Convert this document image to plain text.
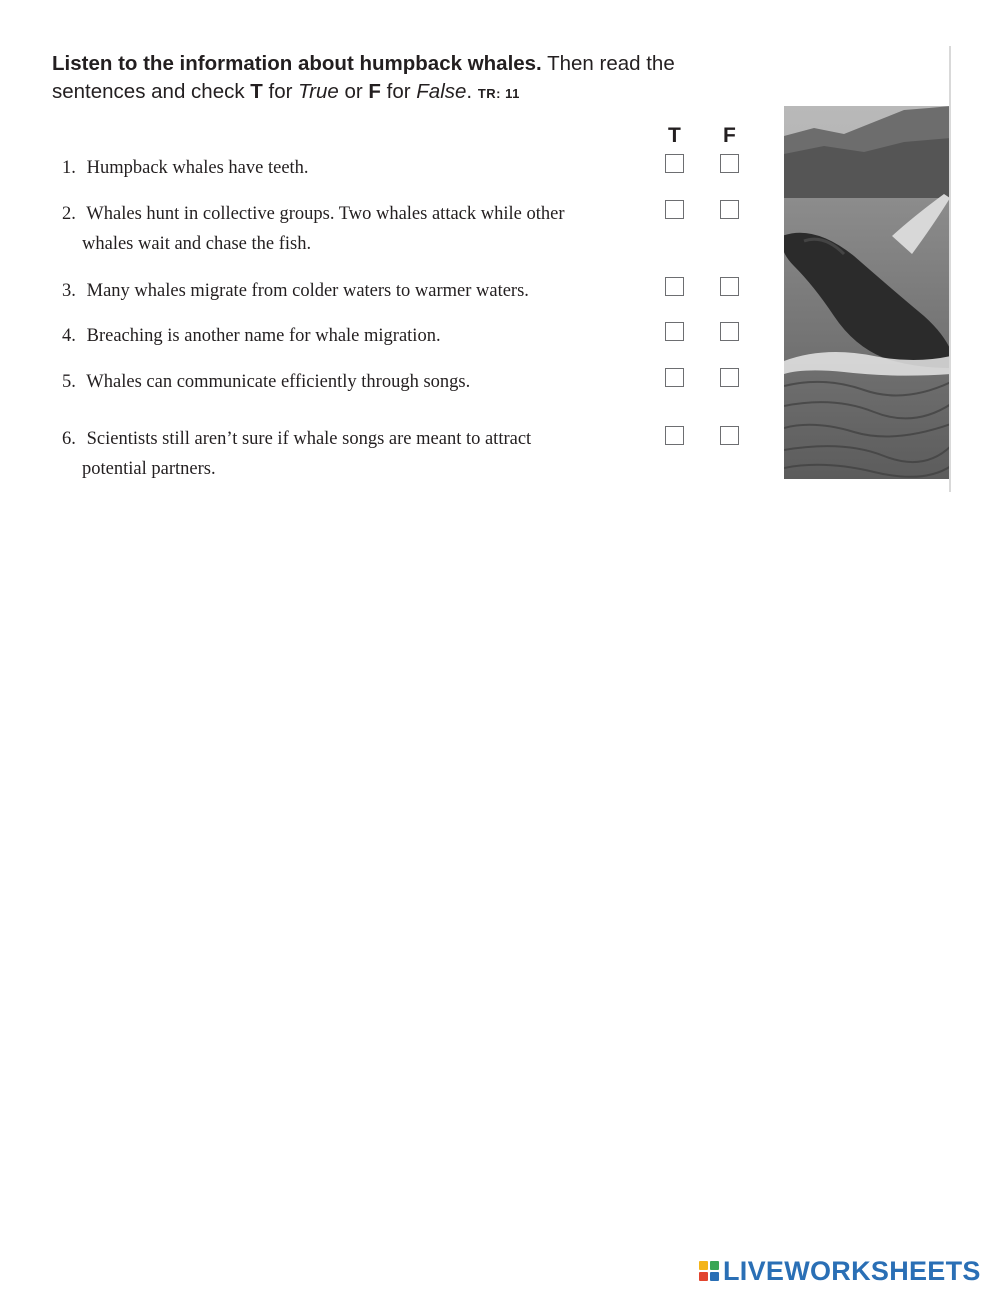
Listen to the information about humpback whales. Then read the sentences and check T for True or F for False. TR: 11

T F
1. Humpback whales have teeth.
2. Whales hunt in collective groups. Two whales attack while other
whales wait and chase the fish.
3. Many whales migrate from colder waters to warmer waters.
4. Breaching is another name for whale migration.
5. Whales can communicate efficiently through songs.
6. Scientists still aren’t sure if whale songs are meant to attract
potential partners.
LIVEWORKSHEETS
